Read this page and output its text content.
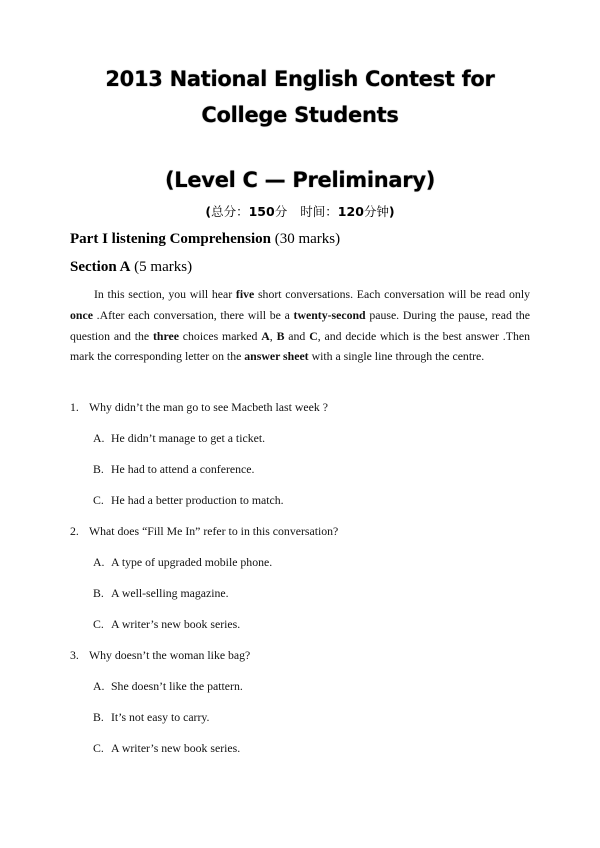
2013 National English Contest for
College Students
(Level C — Preliminary)
(总分：150分 时间：120分钟)
Part I listening Comprehension (30 marks)
Section A (5 marks)
In this section, you will hear five short conversations. Each conversation will be read only once .After each conversation, there will be a twenty-second pause. During the pause, read the question and the three choices marked A, B and C, and decide which is the best answer .Then mark the corresponding letter on the answer sheet with a single line through the centre.
1. Why didn’t the man go to see Macbeth last week ?
A. He didn’t manage to get a ticket.
B. He had to attend a conference.
C. He had a better production to match.
2. What does “Fill Me In” refer to in this conversation?
A. A type of upgraded mobile phone.
B. A well-selling magazine.
C. A writer’s new book series.
3. Why doesn’t the woman like bag?
A. She doesn’t like the pattern.
B. It’s not easy to carry.
C. A writer’s new book series.
